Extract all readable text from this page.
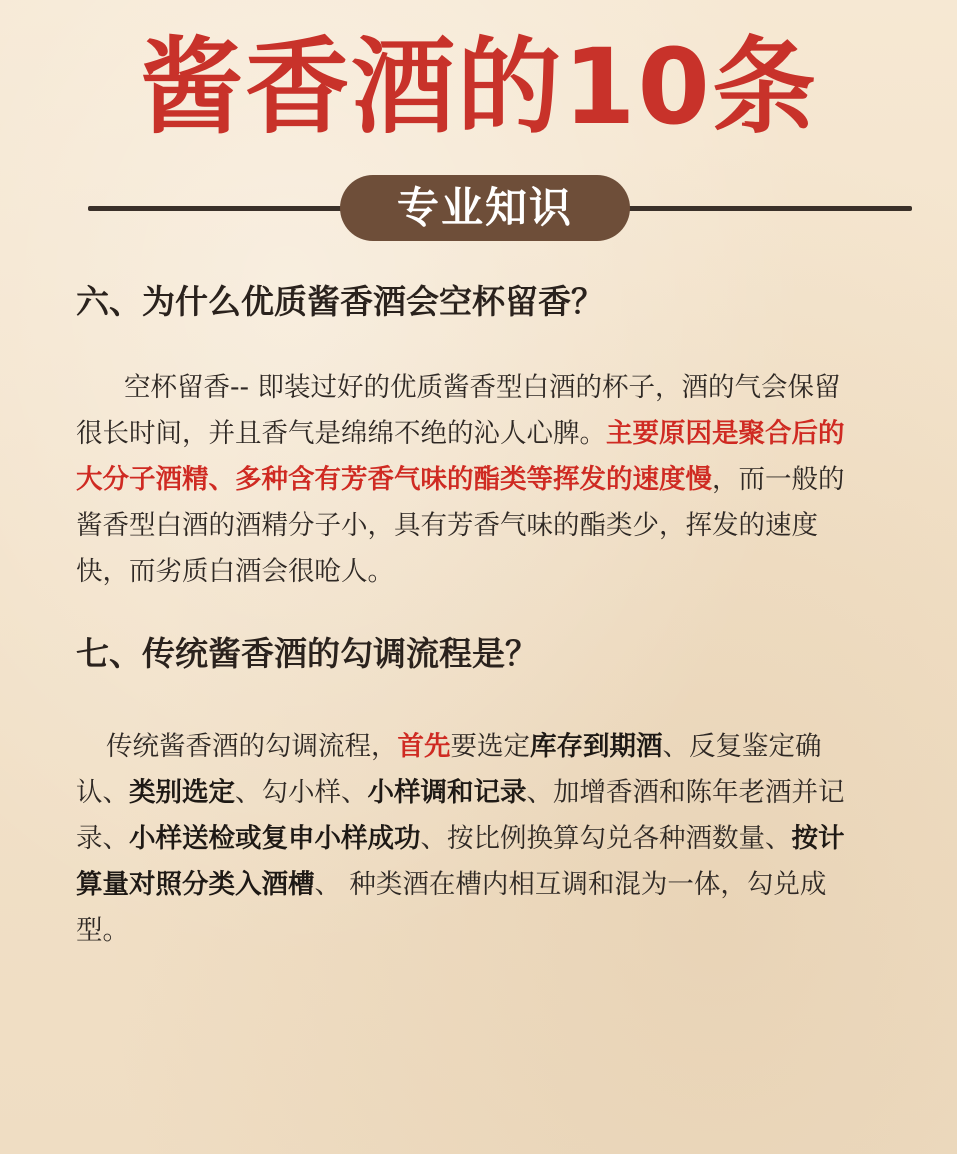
酱香酒的10条
专业知识
六、为什么优质酱香酒会空杯留香？
空杯留香-- 即装过好的优质酱香型白酒的杯子，酒的气会保留
很长时间，并且香气是绵绵不绝的沁人心脾。主要原因是聚合后的
大分子酒精、多种含有芳香气味的酯类等挥发的速度慢，而一般的
酱香型白酒的酒精分子小，具有芳香气味的酯类少，挥发的速度
快，而劣质白酒会很呛人。
七、传统酱香酒的勾调流程是？
传统酱香酒的勾调流程，首先要选定库存到期酒、反复鉴定确
认、类别选定、勾小样、小样调和记录、加增香酒和陈年老酒并记
录、小样送检或复申小样成功、按比例换算勾兑各种酒数量、按计
算量对照分类入酒槽、 种类酒在槽内相互调和混为一体，勾兑成
型。
